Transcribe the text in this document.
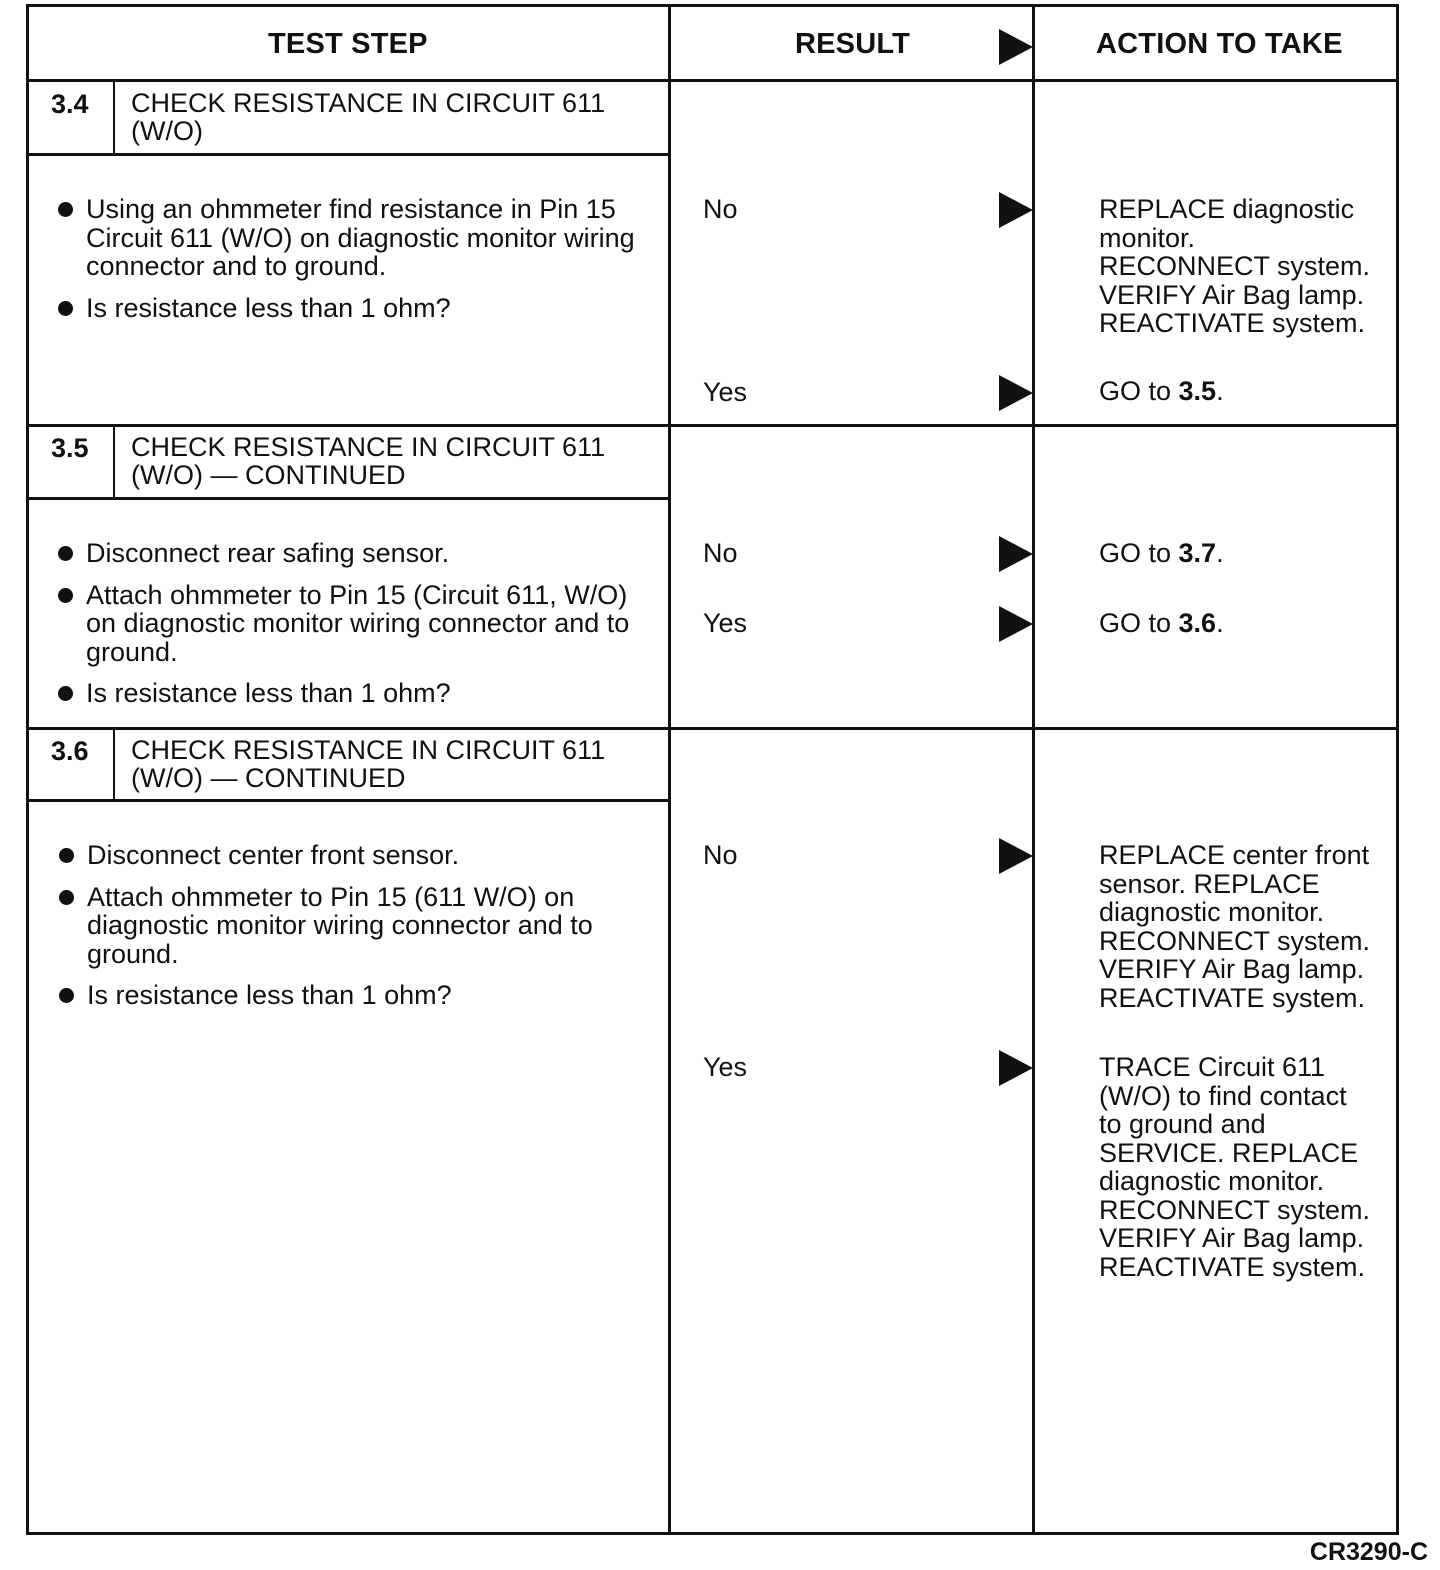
TEST STEP	RESULT	ACTION TO TAKE
3.4 CHECK RESISTANCE IN CIRCUIT 611
(W/O)
Using an ohmmeter find resistance in Pin 15 Circuit 611 (W/O) on diagnostic monitor wiring connector and to ground.
Is resistance less than 1 ohm?
No	REPLACE diagnostic
monitor.
RECONNECT system.
VERIFY Air Bag lamp.
REACTIVATE system.
Yes	GO to 3.5.
3.5 CHECK RESISTANCE IN CIRCUIT 611
(W/O) — CONTINUED
Disconnect rear safing sensor.
Attach ohmmeter to Pin 15 (Circuit 611, W/O) on diagnostic monitor wiring connector and to ground.
Is resistance less than 1 ohm?
No	GO to 3.7.
Yes	GO to 3.6.
3.6 CHECK RESISTANCE IN CIRCUIT 611
(W/O) — CONTINUED
Disconnect center front sensor.
Attach ohmmeter to Pin 15 (611 W/O) on diagnostic monitor wiring connector and to ground.
Is resistance less than 1 ohm?
No	REPLACE center front
sensor. REPLACE
diagnostic monitor.
RECONNECT system.
VERIFY Air Bag lamp.
REACTIVATE system.
Yes	TRACE Circuit 611
(W/O) to find contact
to ground and
SERVICE. REPLACE
diagnostic monitor.
RECONNECT system.
VERIFY Air Bag lamp.
REACTIVATE system.
CR3290-C
